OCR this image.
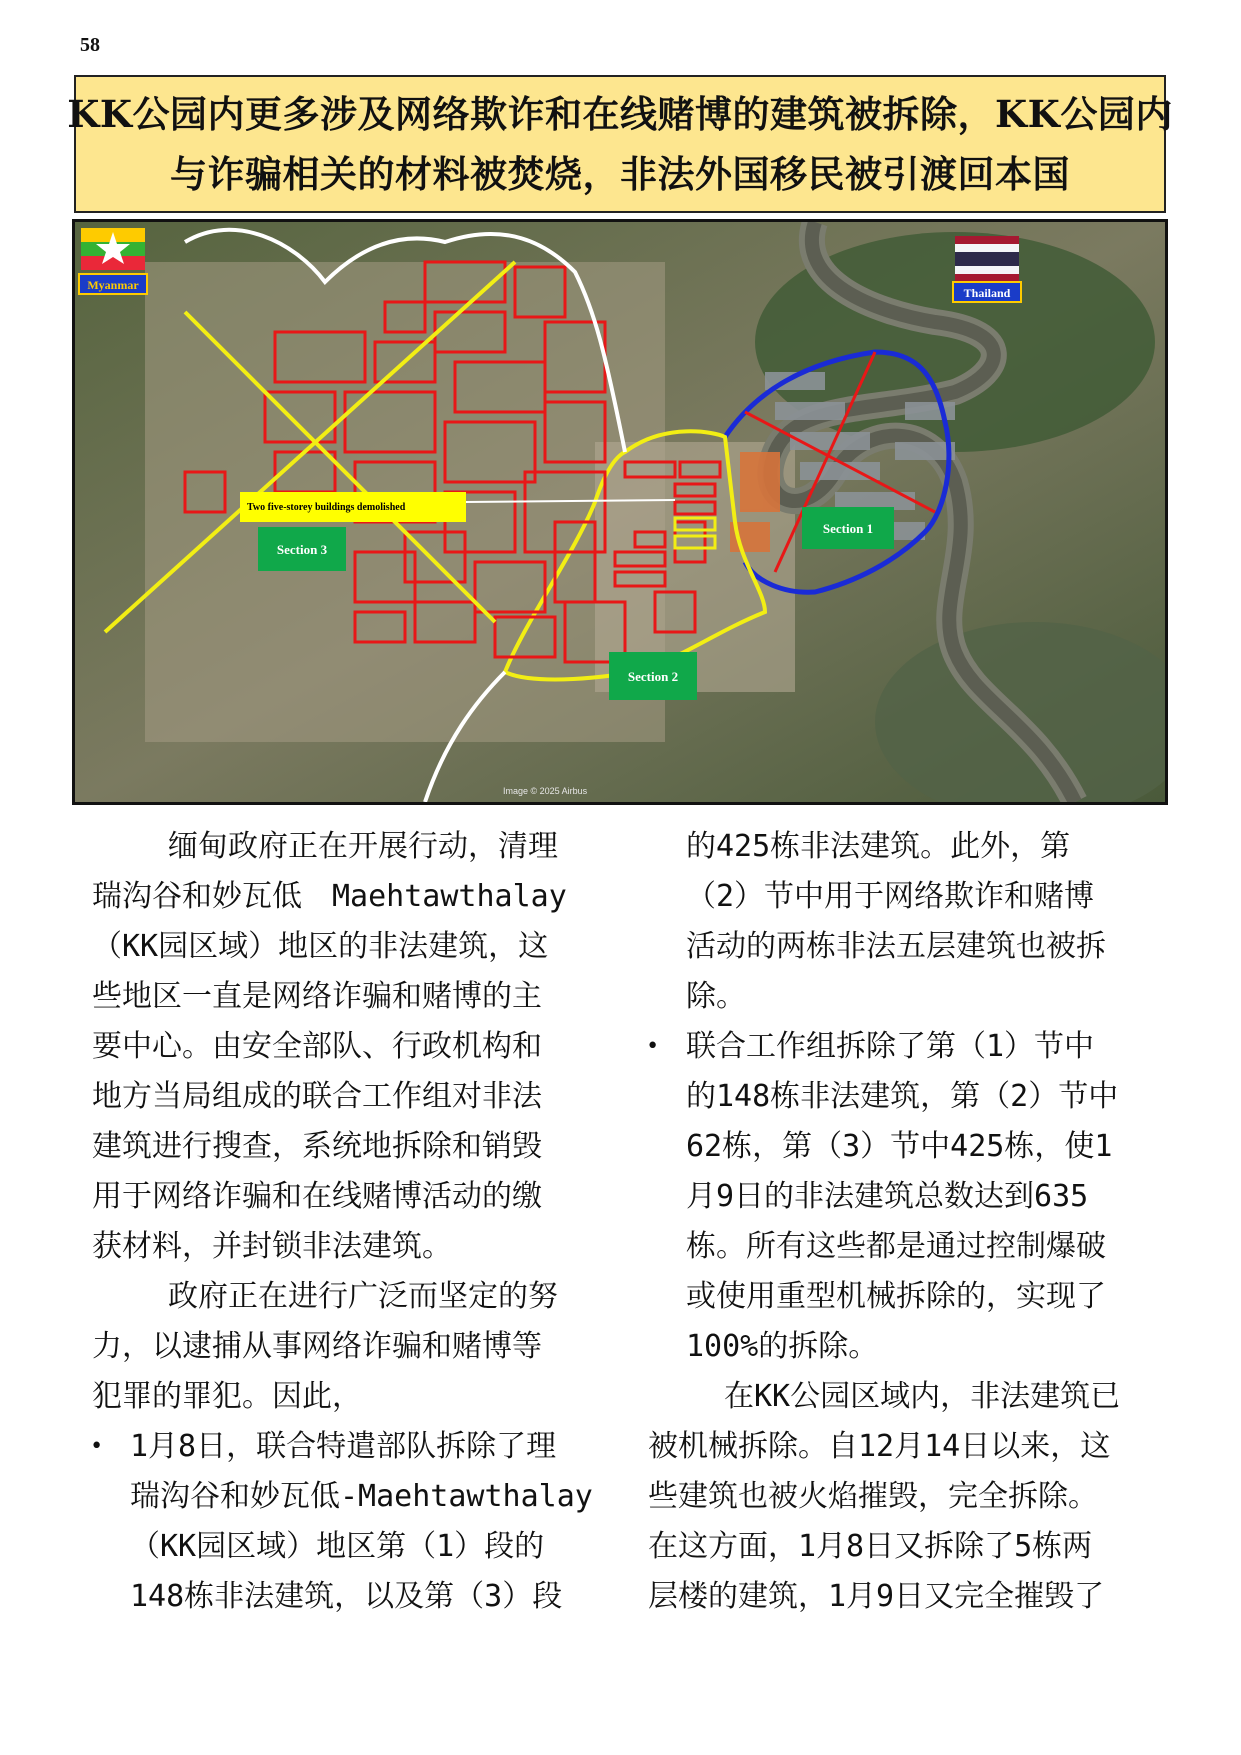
58
KK公园内更多涉及网络欺诈和在线赌博的建筑被拆除，KK公园内
与诈骗相关的材料被焚烧，非法外国移民被引渡回本国
Two five-storey buildings demolished
Section 3
Section 1
Section 2
Myanmar
Thailand
Image © 2025 Airbus
缅甸政府正在开展行动，清理
瑞沟谷和妙瓦低　Maehtawthalay
（KK园区域）地区的非法建筑，这
些地区一直是网络诈骗和赌博的主
要中心。由安全部队、行政机构和
地方当局组成的联合工作组对非法
建筑进行搜查，系统地拆除和销毁
用于网络诈骗和在线赌博活动的缴
获材料，并封锁非法建筑。
政府正在进行广泛而坚定的努
力，以逮捕从事网络诈骗和赌博等
犯罪的罪犯。因此，
• 1月8日，联合特遣部队拆除了理
瑞沟谷和妙瓦低-Maehtawthalay
（KK园区域）地区第（1）段的
148栋非法建筑，以及第（3）段
的425栋非法建筑。此外，第
（2）节中用于网络欺诈和赌博
活动的两栋非法五层建筑也被拆
除。
• 联合工作组拆除了第（1）节中
的148栋非法建筑，第（2）节中
62栋，第（3）节中425栋，使1
月9日的非法建筑总数达到635
栋。所有这些都是通过控制爆破
或使用重型机械拆除的，实现了
100%的拆除。
在KK公园区域内，非法建筑已
被机械拆除。自12月14日以来，这
些建筑也被火焰摧毁，完全拆除。
在这方面，1月8日又拆除了5栋两
层楼的建筑，1月9日又完全摧毁了
